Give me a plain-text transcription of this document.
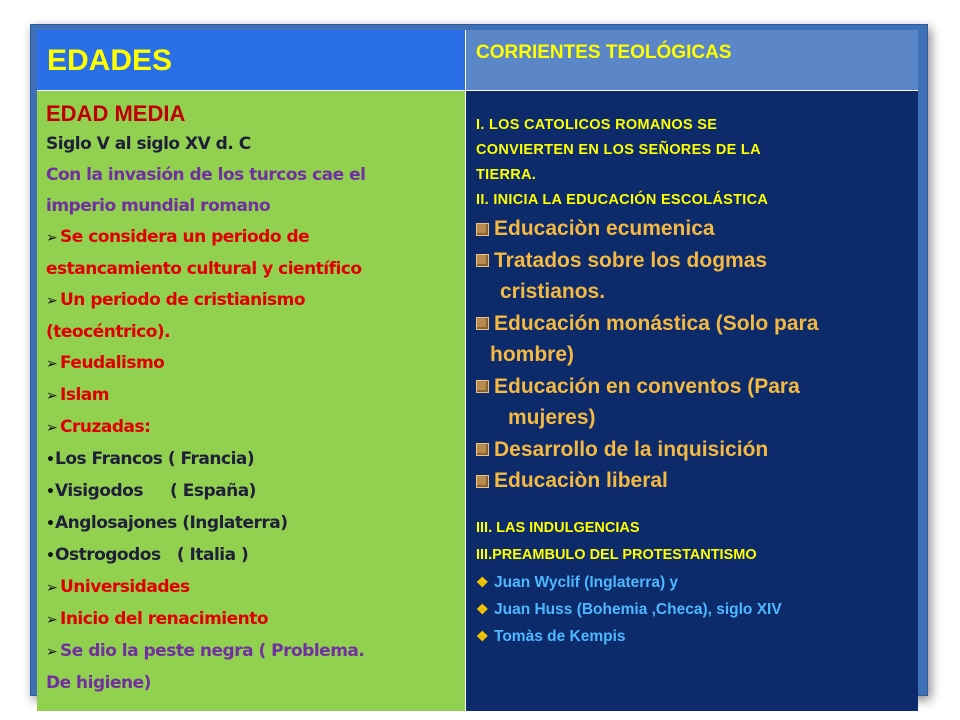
EDADES	CORRIENTES TEOLÓGICAS
EDAD MEDIA
Siglo V al siglo XV d. C
Con la invasión de los turcos cae el
imperio mundial romano
➢ Se considera un periodo de
estancamiento cultural y científico
➢ Un periodo de cristianismo
(teocéntrico).
➢ Feudalismo
➢ Islam
➢ Cruzadas:
•Los Francos ( Francia)
•Visigodos     ( España)
•Anglosajones (Inglaterra)
•Ostrogodos   ( Italia )
➢ Universidades
➢ Inicio del renacimiento
➢ Se dio la peste negra ( Problema.
De higiene)
I. LOS CATOLICOS ROMANOS SE
CONVIERTEN EN LOS SEÑORES DE LA
TIERRA.
II. INICIA LA EDUCACIÓN ESCOLÁSTICA
Educaciòn ecumenica
Tratados sobre los dogmas
cristianos.
Educación monástica (Solo para
hombre)
Educación en conventos (Para
mujeres)
Desarrollo de la inquisición
Educaciòn liberal
III. LAS INDULGENCIAS
III.PREAMBULO DEL PROTESTANTISMO
❖ Juan Wyclif (Inglaterra) y
❖ Juan Huss (Bohemia ,Checa), siglo XIV
❖ Tomàs de Kempis
